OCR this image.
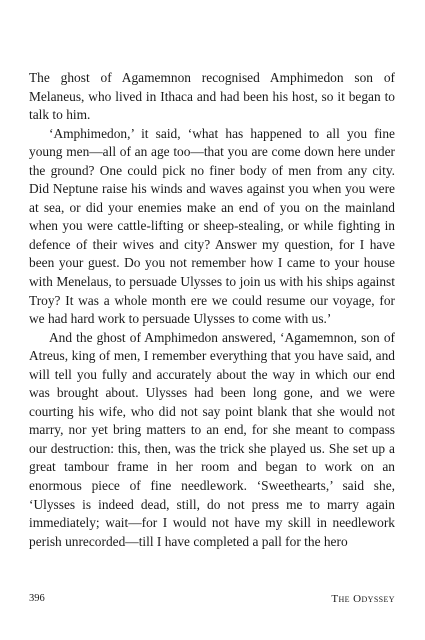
The ghost of Agamemnon recognised Amphimedon son of Melaneus, who lived in Ithaca and had been his host, so it began to talk to him.

‘Amphimedon,’ it said, ‘what has happened to all you fine young men—all of an age too—that you are come down here under the ground? One could pick no finer body of men from any city. Did Neptune raise his winds and waves against you when you were at sea, or did your enemies make an end of you on the mainland when you were cattle-lifting or sheep-stealing, or while fighting in defence of their wives and city? Answer my question, for I have been your guest. Do you not remember how I came to your house with Menelaus, to persuade Ulysses to join us with his ships against Troy? It was a whole month ere we could resume our voyage, for we had hard work to persuade Ulysses to come with us.’

And the ghost of Amphimedon answered, ‘Agamemnon, son of Atreus, king of men, I remember everything that you have said, and will tell you fully and accurately about the way in which our end was brought about. Ulysses had been long gone, and we were courting his wife, who did not say point blank that she would not marry, nor yet bring matters to an end, for she meant to compass our destruction: this, then, was the trick she played us. She set up a great tambour frame in her room and began to work on an enormous piece of fine needlework. ‘Sweethearts,’ said she, ‘Ulysses is indeed dead, still, do not press me to marry again immediately; wait—for I would not have my skill in needlework perish unrecorded—till I have completed a pall for the hero

396	The Odyssey
